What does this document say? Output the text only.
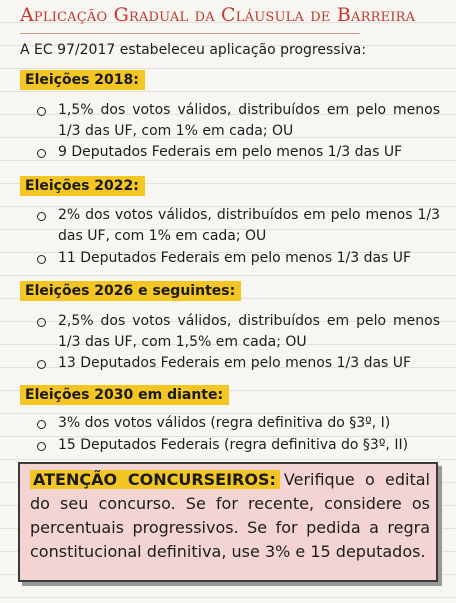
Aplicação Gradual da Cláusula de Barreira
A EC 97/2017 estabeleceu aplicação progressiva:
Eleições 2018:
1,5% dos votos válidos, distribuídos em pelo menos 1/3 das UF, com 1% em cada; OU
9 Deputados Federais em pelo menos 1/3 das UF
Eleições 2022:
2% dos votos válidos, distribuídos em pelo menos 1/3 das UF, com 1% em cada; OU
11 Deputados Federais em pelo menos 1/3 das UF
Eleições 2026 e seguintes:
2,5% dos votos válidos, distribuídos em pelo menos 1/3 das UF, com 1,5% em cada; OU
13 Deputados Federais em pelo menos 1/3 das UF
Eleições 2030 em diante:
3% dos votos válidos (regra definitiva do §3º, I)
15 Deputados Federais (regra definitiva do §3º, II)
ATENÇÃO CONCURSEIROS: Verifique o edital do seu concurso. Se for recente, considere os percentuais progressivos. Se for pedida a regra constitucional definitiva, use 3% e 15 deputados.
